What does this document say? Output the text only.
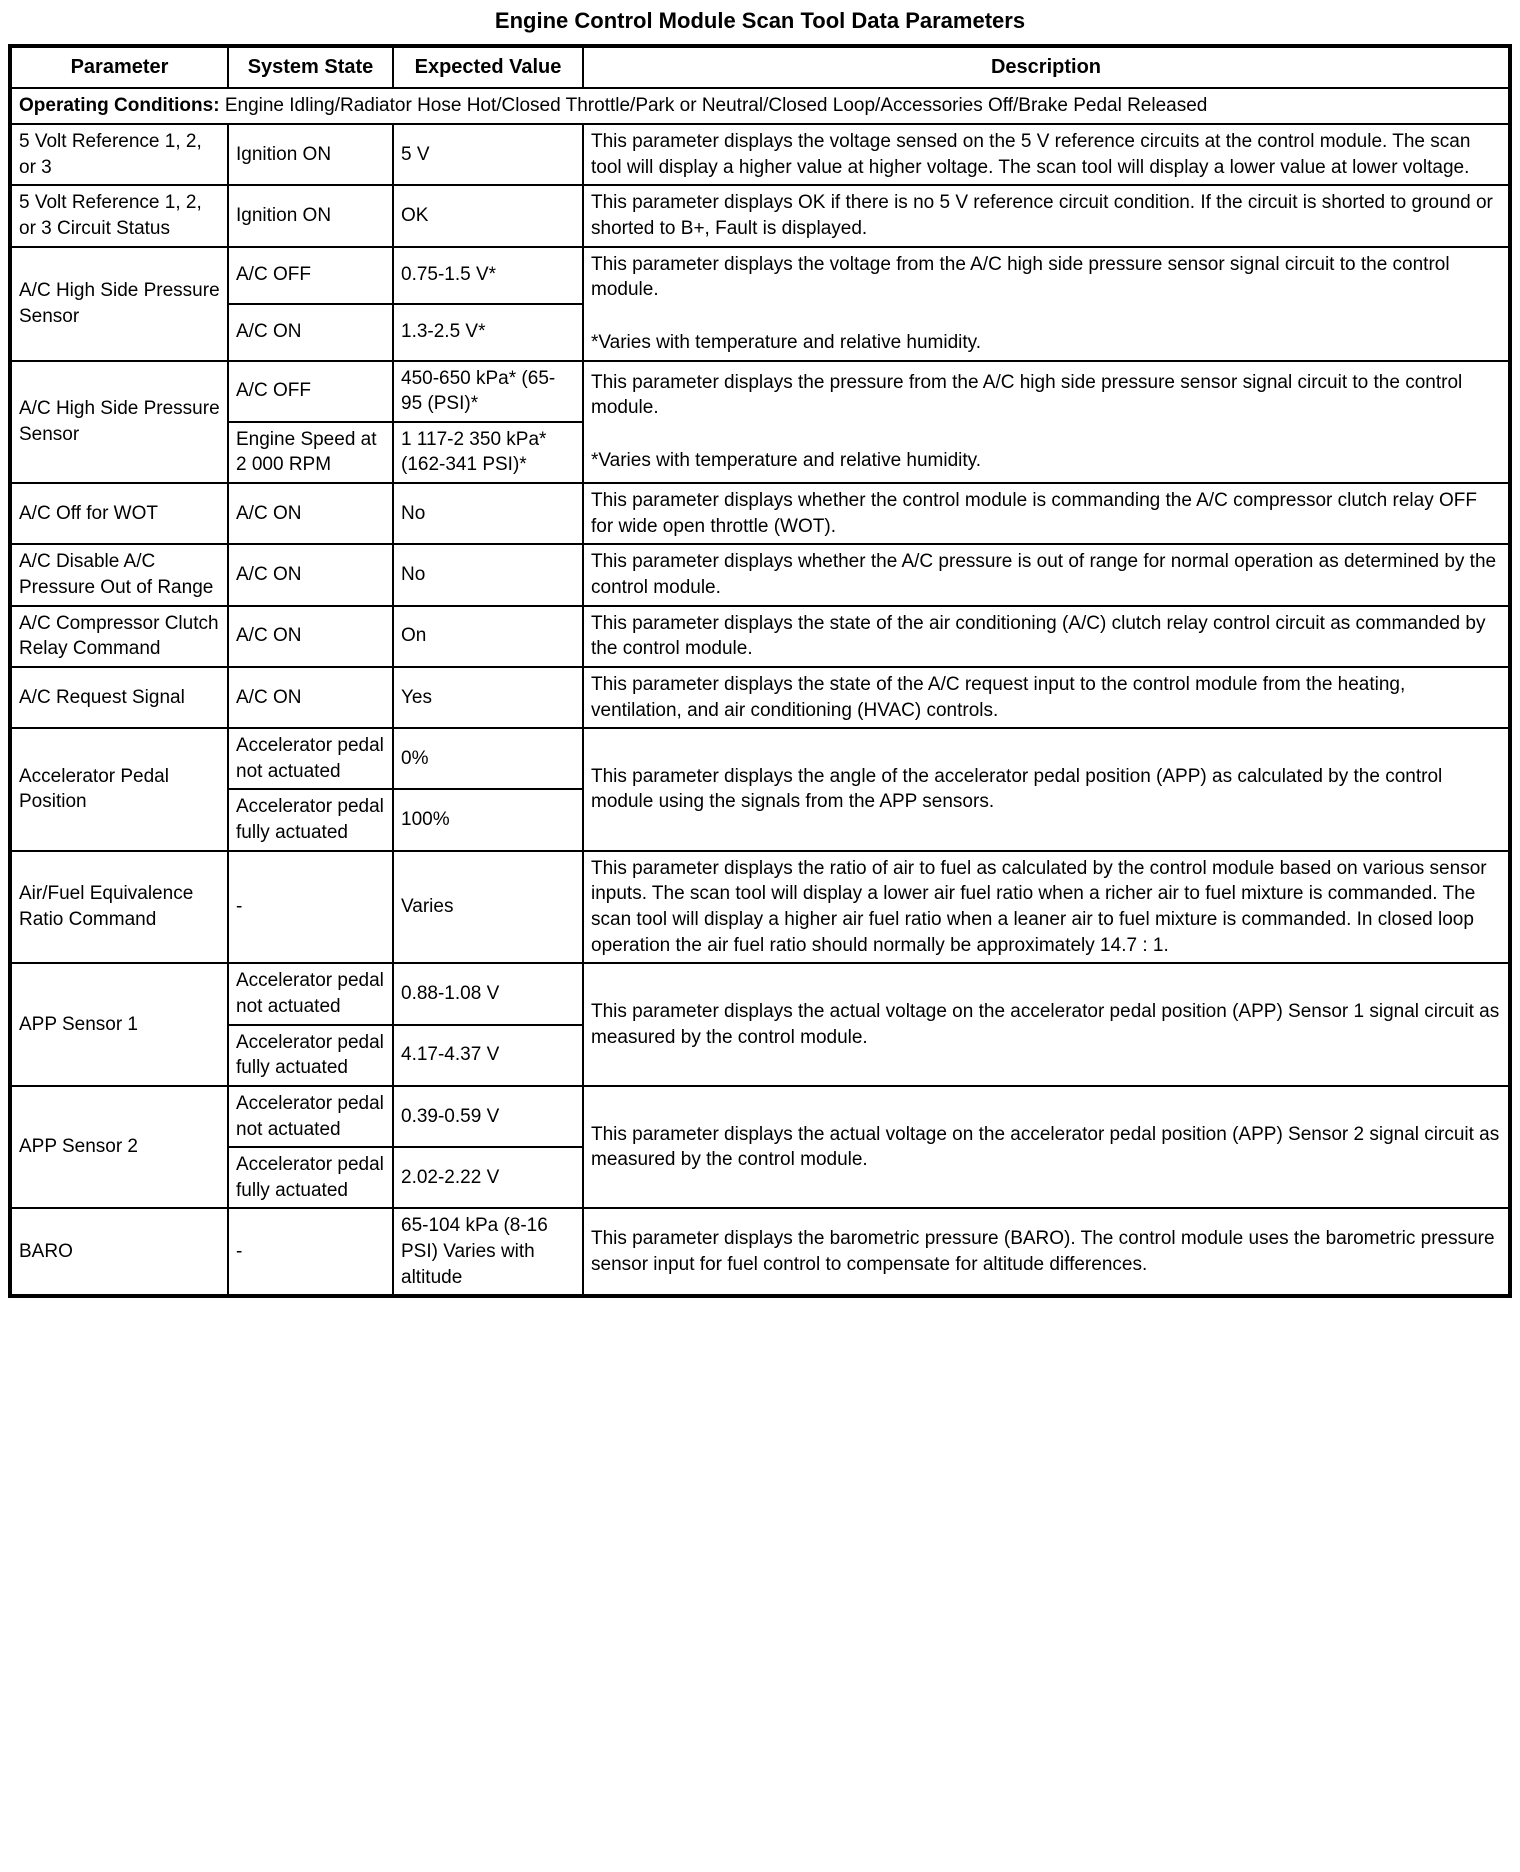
Engine Control Module Scan Tool Data Parameters
Parameter	System State	Expected Value	Description
Operating Conditions: Engine Idling/Radiator Hose Hot/Closed Throttle/Park or Neutral/Closed Loop/Accessories Off/Brake Pedal Released			
5 Volt Reference 1, 2, or 3	Ignition ON	5 V	This parameter displays the voltage sensed on the 5 V reference circuits at the control module. The scan tool will display a higher value at higher voltage. The scan tool will display a lower value at lower voltage.

5 Volt Reference 1, 2, or 3 Circuit Status	Ignition ON	OK	This parameter displays OK if there is no 5 V reference circuit condition. If the circuit is shorted to ground or shorted to B+, Fault is displayed.

A/C High Side Pressure Sensor	A/C OFF	0.75-1.5 V*	This parameter displays the voltage from the A/C high side pressure sensor signal circuit to the control module.

*Varies with temperature and relative humidity.

	A/C ON	1.3-2.5 V*	
A/C High Side Pressure Sensor	A/C OFF	450-650 kPa* (65-95 (PSI)*	This parameter displays the pressure from the A/C high side pressure sensor signal circuit to the control module.

*Varies with temperature and relative humidity.

	Engine Speed at 2 000 RPM	1 117-2 350 kPa* (162-341 PSI)*	
A/C Off for WOT	A/C ON	No	This parameter displays whether the control module is commanding the A/C compressor clutch relay OFF for wide open throttle (WOT).

A/C Disable A/C Pressure Out of Range	A/C ON	No	This parameter displays whether the A/C pressure is out of range for normal operation as determined by the control module.

A/C Compressor Clutch Relay Command	A/C ON	On	This parameter displays the state of the air conditioning (A/C) clutch relay control circuit as commanded by the control module.

A/C Request Signal	A/C ON	Yes	This parameter displays the state of the A/C request input to the control module from the heating, ventilation, and air conditioning (HVAC) controls.

Accelerator Pedal Position	Accelerator pedal not actuated	0%	This parameter displays the angle of the accelerator pedal position (APP) as calculated by the control module using the signals from the APP sensors.

	Accelerator pedal fully actuated	100%	
Air/Fuel Equivalence Ratio Command	-	Varies	This parameter displays the ratio of air to fuel as calculated by the control module based on various sensor inputs. The scan tool will display a lower air fuel ratio when a richer air to fuel mixture is commanded. The scan tool will display a higher air fuel ratio when a leaner air to fuel mixture is commanded. In closed loop operation the air fuel ratio should normally be approximately 14.7 : 1.

APP Sensor 1	Accelerator pedal not actuated	0.88-1.08 V	This parameter displays the actual voltage on the accelerator pedal position (APP) Sensor 1 signal circuit as measured by the control module.

	Accelerator pedal fully actuated	4.17-4.37 V	
APP Sensor 2	Accelerator pedal not actuated	0.39-0.59 V	This parameter displays the actual voltage on the accelerator pedal position (APP) Sensor 2 signal circuit as measured by the control module.

	Accelerator pedal fully actuated	2.02-2.22 V	
BARO	-	65-104 kPa (8-16 PSI) Varies with altitude	This parameter displays the barometric pressure (BARO). The control module uses the barometric pressure sensor input for fuel control to compensate for altitude differences.
